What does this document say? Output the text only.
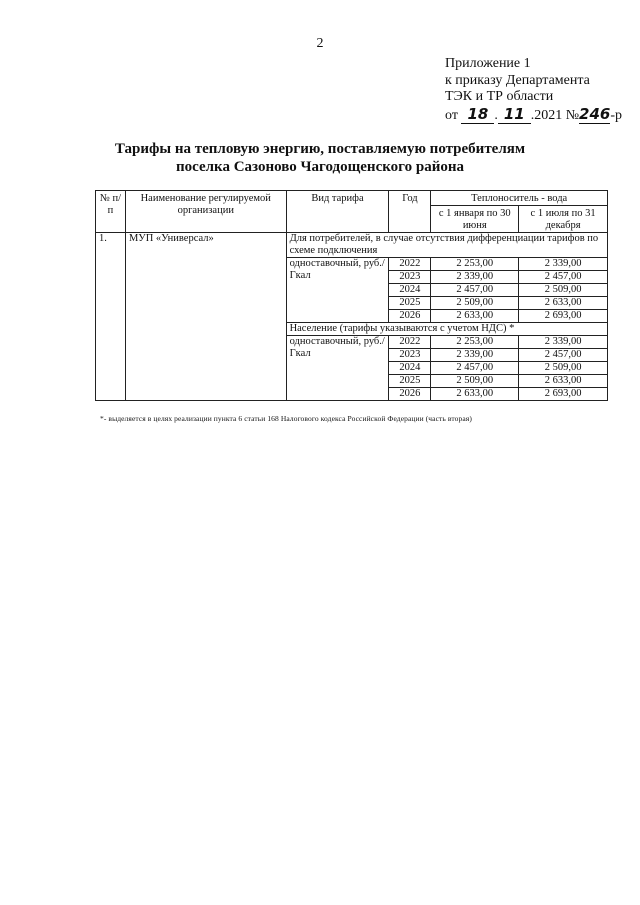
2
Приложение 1
к приказу Департамента
ТЭК и ТР области
от 18 . 11 .2021 №246-р
Тарифы на тепловую энергию, поставляемую потребителям
поселка Сазоново Чагодощенского района
№ п/п	Наименование регулируемой организации	Вид тарифа	Год	Теплоноситель - вода	
				с 1 января по 30 июня	с 1 июля по 31 декабря
1.	МУП «Универсал»	Для потребителей, в случае отсутствия дифференциации тарифов по схеме подключения			
		одноставочный, руб./Гкал	2022	2 253,00	2 339,00
			2023	2 339,00	2 457,00
			2024	2 457,00	2 509,00
			2025	2 509,00	2 633,00
			2026	2 633,00	2 693,00
		Население (тарифы указываются с учетом НДС) *			
		одноставочный, руб./Гкал	2022	2 253,00	2 339,00
			2023	2 339,00	2 457,00
			2024	2 457,00	2 509,00
			2025	2 509,00	2 633,00
			2026	2 633,00	2 693,00
*- выделяется в целях реализации пункта 6 статьи 168 Налогового кодекса Российской Федерации (часть вторая)
